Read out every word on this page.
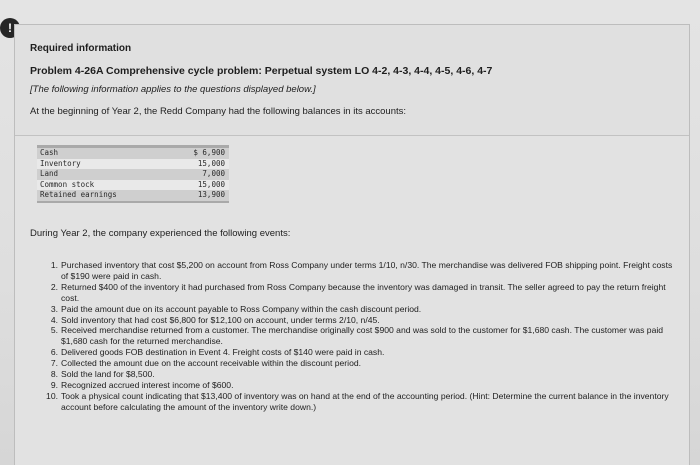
!
Required information
Problem 4-26A Comprehensive cycle problem: Perpetual system LO 4-2, 4-3, 4-4, 4-5, 4-6, 4-7
[The following information applies to the questions displayed below.]
At the beginning of Year 2, the Redd Company had the following balances in its accounts:
Cash	$ 6,900
Inventory	15,000
Land	7,000
Common stock	15,000
Retained earnings	13,900
During Year 2, the company experienced the following events:
1. Purchased inventory that cost $5,200 on account from Ross Company under terms 1/10, n/30. The merchandise was delivered FOB shipping point. Freight costs of $190 were paid in cash.
2. Returned $400 of the inventory it had purchased from Ross Company because the inventory was damaged in transit. The seller agreed to pay the return freight cost.
3. Paid the amount due on its account payable to Ross Company within the cash discount period.
4. Sold inventory that had cost $6,800 for $12,100 on account, under terms 2/10, n/45.
5. Received merchandise returned from a customer. The merchandise originally cost $900 and was sold to the customer for $1,680 cash. The customer was paid $1,680 cash for the returned merchandise.
6. Delivered goods FOB destination in Event 4. Freight costs of $140 were paid in cash.
7. Collected the amount due on the account receivable within the discount period.
8. Sold the land for $8,500.
9. Recognized accrued interest income of $600.
10. Took a physical count indicating that $13,400 of inventory was on hand at the end of the accounting period. (Hint: Determine the current balance in the inventory account before calculating the amount of the inventory write down.)
